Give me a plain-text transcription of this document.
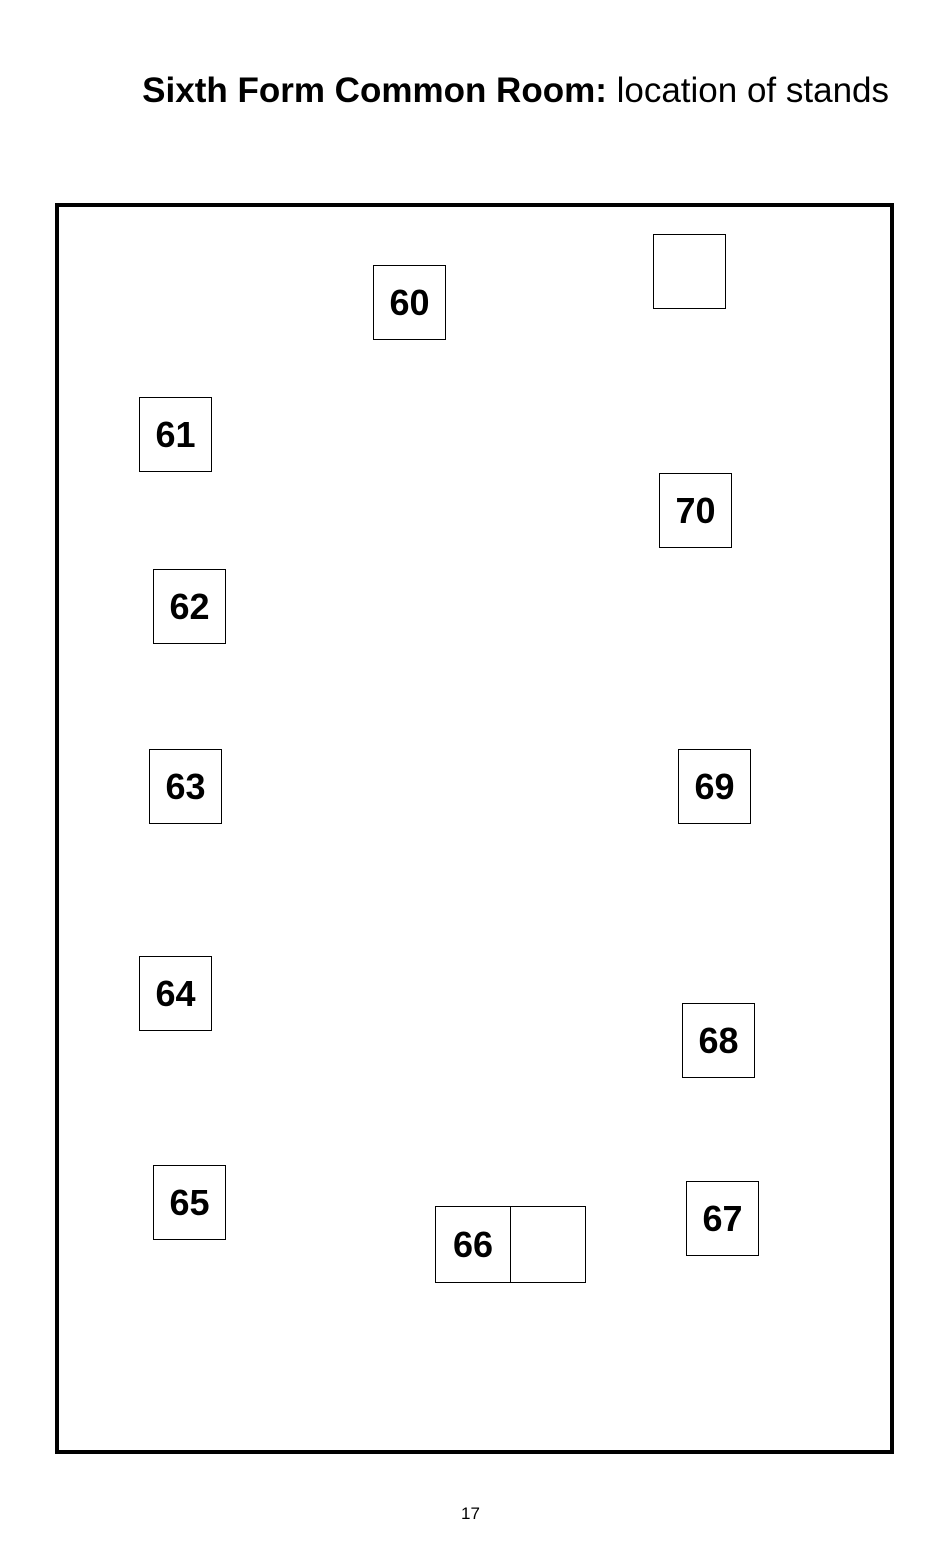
Sixth Form Common Room: location of stands
60
61
70
62
63	69
64
68
65	67
66
17
